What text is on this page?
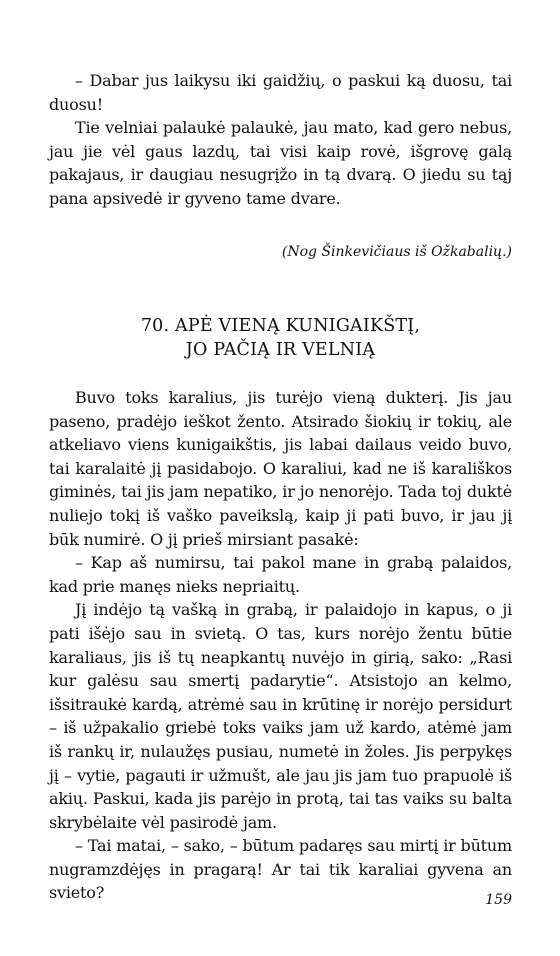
– Dabar jus laikysu iki gaidžių, o paskui ką duosu, tai duosu!

Tie velniai palaukė palaukė, jau mato, kad gero nebus, jau jie vėl gaus lazdų, tai visi kaip rovė, išgrovę galą pakajaus, ir daugiau nesugrįžo in tą dvarą. O jiedu su tąj pana apsivedė ir gyveno tame dvare.

(Nog Šinkevičiaus iš Ožkabalių.)
70. APĖ VIENĄ KUNIGAIKŠTĮ,
JO PAČIĄ IR VELNIĄ

Buvo toks karalius, jis turėjo vieną dukterį. Jis jau paseno, pradėjo ieškot žento. Atsirado šiokių ir tokių, ale atkeliavo viens kunigaikštis, jis labai dailaus veido buvo, tai karalaitė jį pasidabojo. O karaliui, kad ne iš karališkos giminės, tai jis jam nepatiko, ir jo nenorėjo. Tada toj duktė nuliejo tokį iš vaško paveikslą, kaip ji pati buvo, ir jau jį būk numirė. O jį prieš mirsiant pasakė:

– Kap aš numirsu, tai pakol mane in grabą palaidos, kad prie manęs nieks nepriaitų.

Jį indėjo tą vašką in grabą, ir palaidojo in kapus, o ji pati išėjo sau in svietą. O tas, kurs norėjo žentu būtie karaliaus, jis iš tų neapkantų nuvėjo in girią, sako: „Rasi kur galėsu sau smertį padarytie“. Atsistojo an kelmo, išsitraukė kardą, atrėmė sau in krūtinę ir norėjo persidurt – iš užpakalio griebė toks vaiks jam už kardo, atėmė jam iš rankų ir, nulaužęs pusiau, numetė in žoles. Jis perpykęs jį – vytie, pagauti ir užmušt, ale jau jis jam tuo prapuolė iš akių. Paskui, kada jis parėjo in protą, tai tas vaiks su balta skrybėlaite vėl pasirodė jam.

– Tai matai, – sako, – būtum padaręs sau mirtį ir būtum nugramzdėjęs in pragarą! Ar tai tik karaliai gyvena an svieto?	159
